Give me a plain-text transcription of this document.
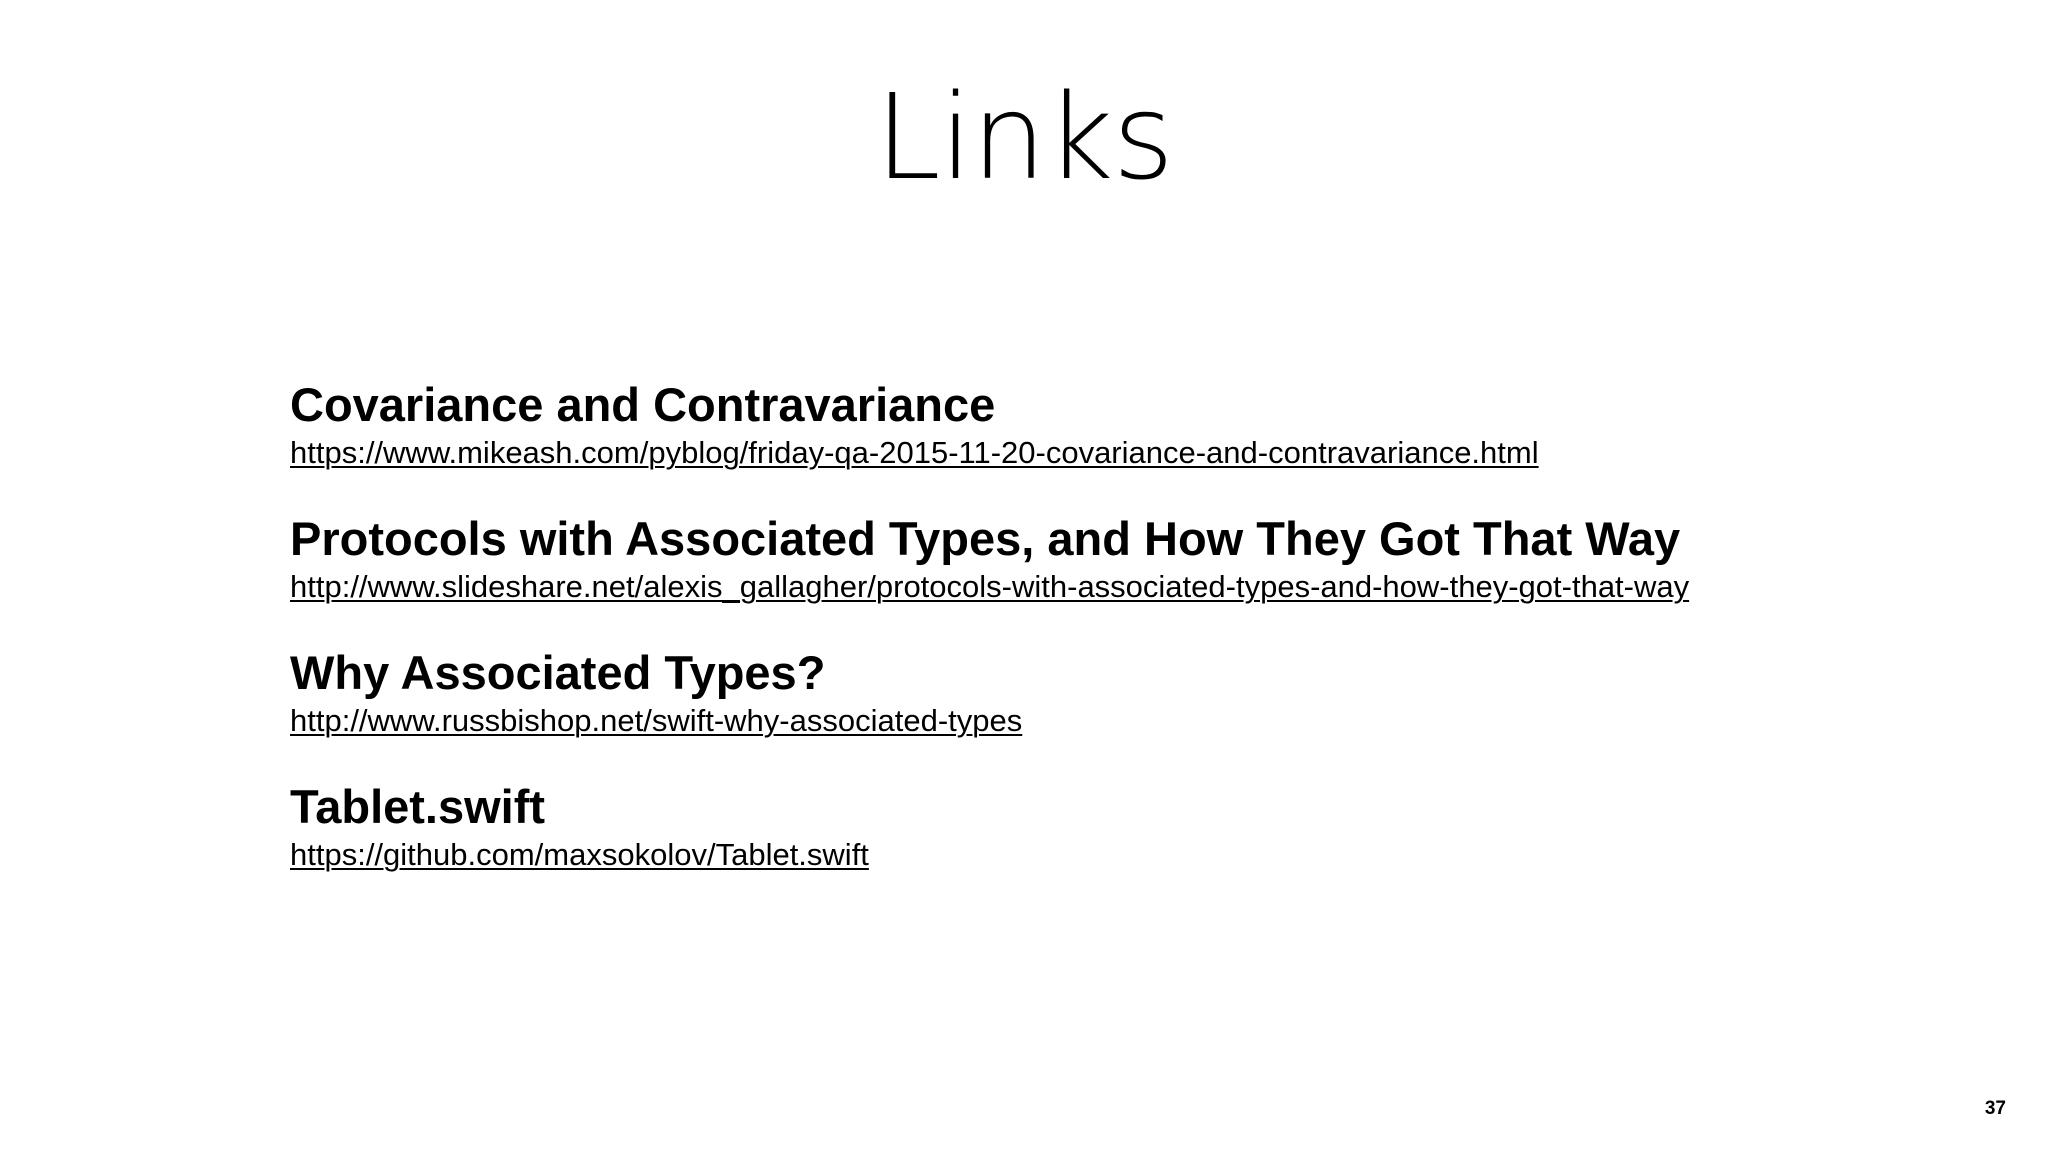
Links
Covariance and Contravariance
https://www.mikeash.com/pyblog/friday-qa-2015-11-20-covariance-and-contravariance.html
Protocols with Associated Types, and How They Got That Way
http://www.slideshare.net/alexis_gallagher/protocols-with-associated-types-and-how-they-got-that-way
Why Associated Types?
http://www.russbishop.net/swift-why-associated-types
Tablet.swift
https://github.com/maxsokolov/Tablet.swift
37
